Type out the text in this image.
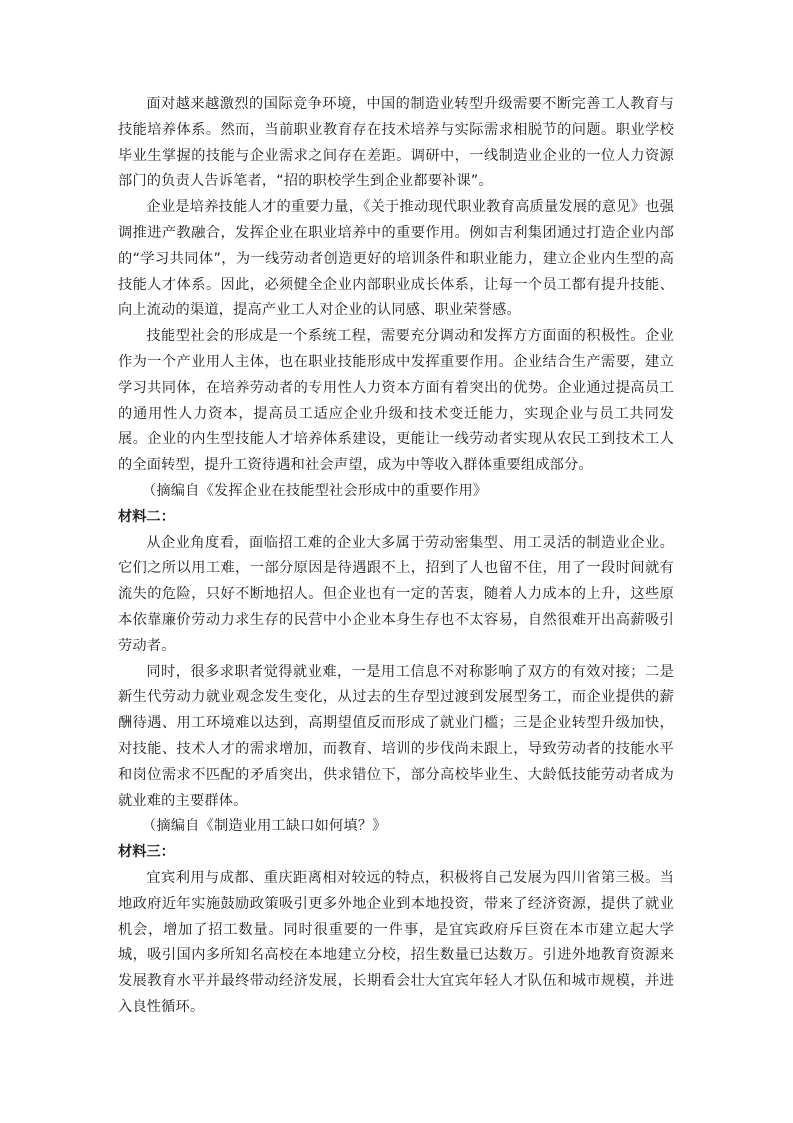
面对越来越激烈的国际竞争环境，中国的制造业转型升级需要不断完善工人教育与技能培养体系。然而，当前职业教育存在技术培养与实际需求相脱节的问题。职业学校毕业生掌握的技能与企业需求之间存在差距。调研中，一线制造业企业的一位人力资源部门的负责人告诉笔者，“招的职校学生到企业都要补课”。

企业是培养技能人才的重要力量，《关于推动现代职业教育高质量发展的意见》也强调推进产教融合，发挥企业在职业培养中的重要作用。例如吉利集团通过打造企业内部的“学习共同体”，为一线劳动者创造更好的培训条件和职业能力，建立企业内生型的高技能人才体系。因此，必须健全企业内部职业成长体系，让每一个员工都有提升技能、向上流动的渠道，提高产业工人对企业的认同感、职业荣誉感。

技能型社会的形成是一个系统工程，需要充分调动和发挥方方面面的积极性。企业作为一个产业用人主体，也在职业技能形成中发挥重要作用。企业结合生产需要，建立学习共同体，在培养劳动者的专用性人力资本方面有着突出的优势。企业通过提高员工的通用性人力资本，提高员工适应企业升级和技术变迁能力，实现企业与员工共同发展。企业的内生型技能人才培养体系建设，更能让一线劳动者实现从农民工到技术工人的全面转型，提升工资待遇和社会声望，成为中等收入群体重要组成部分。

（摘编自《发挥企业在技能型社会形成中的重要作用》

材料二：

从企业角度看，面临招工难的企业大多属于劳动密集型、用工灵活的制造业企业。它们之所以用工难，一部分原因是待遇跟不上，招到了人也留不住，用了一段时间就有流失的危险，只好不断地招人。但企业也有一定的苦衷，随着人力成本的上升，这些原本依靠廉价劳动力求生存的民营中小企业本身生存也不太容易，自然很难开出高薪吸引劳动者。

同时，很多求职者觉得就业难，一是用工信息不对称影响了双方的有效对接；二是新生代劳动力就业观念发生变化，从过去的生存型过渡到发展型务工，而企业提供的薪酬待遇、用工环境难以达到，高期望值反而形成了就业门槛；三是企业转型升级加快，对技能、技术人才的需求增加，而教育、培训的步伐尚未跟上，导致劳动者的技能水平和岗位需求不匹配的矛盾突出，供求错位下，部分高校毕业生、大龄低技能劳动者成为就业难的主要群体。

（摘编自《制造业用工缺口如何填？》

材料三：

宜宾利用与成都、重庆距离相对较远的特点，积极将自己发展为四川省第三极。当地政府近年实施鼓励政策吸引更多外地企业到本地投资，带来了经济资源，提供了就业机会，增加了招工数量。同时很重要的一件事，是宜宾政府斥巨资在本市建立起大学城，吸引国内多所知名高校在本地建立分校，招生数量已达数万。引进外地教育资源来发展教育水平并最终带动经济发展，长期看会壮大宜宾年轻人才队伍和城市规模，并进入良性循环。
